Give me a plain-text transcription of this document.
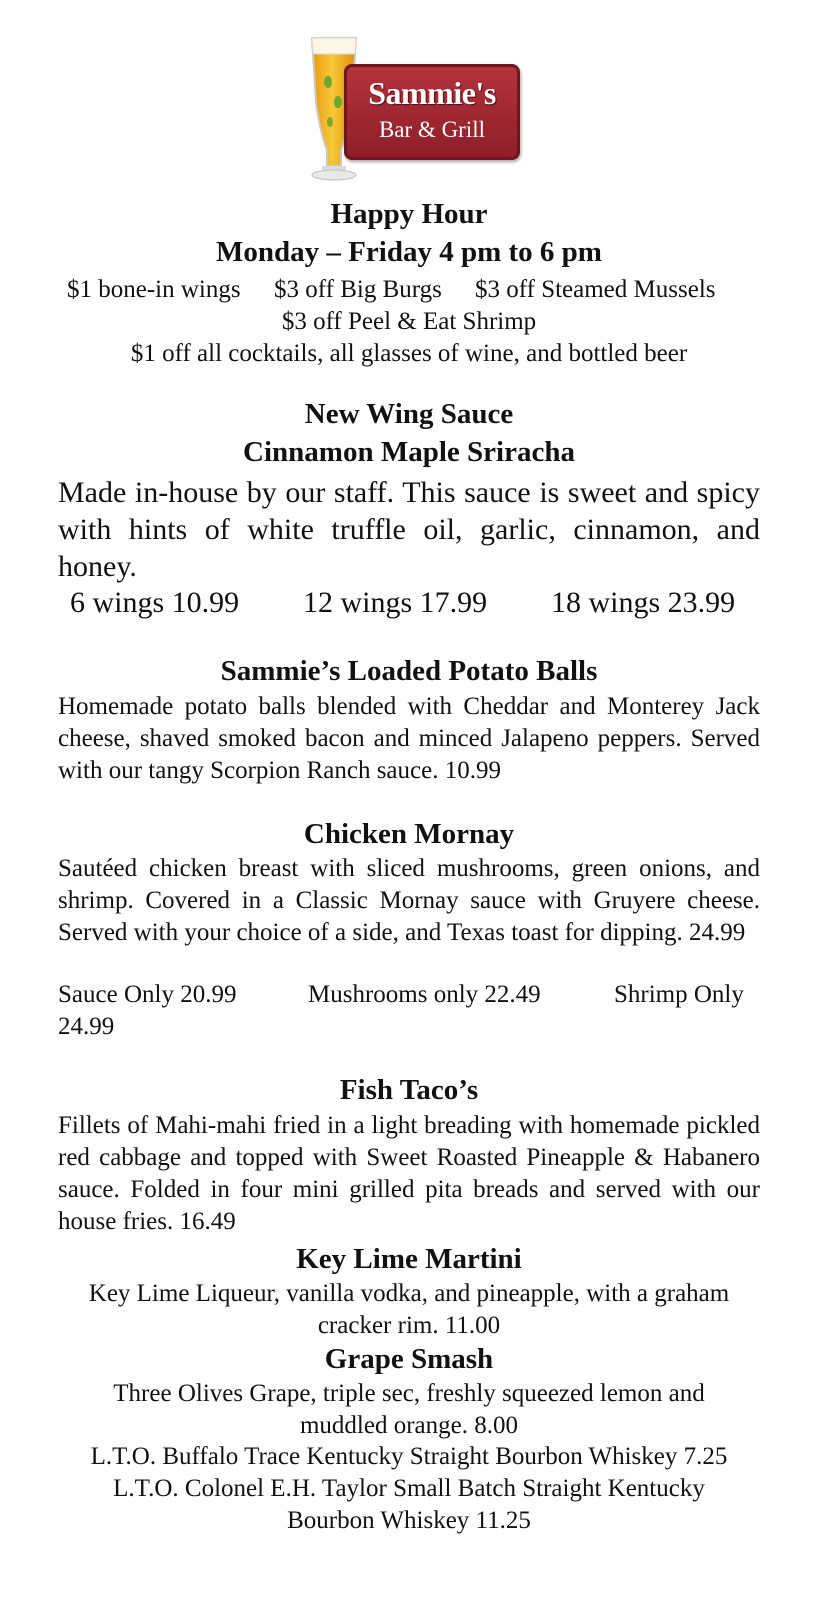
Sammie's
Bar & Grill
Happy Hour
Monday – Friday 4 pm to 6 pm
$1 bone-in wings $3 off Big Burgs $3 off Steamed Mussels
$3 off Peel & Eat Shrimp
$1 off all cocktails, all glasses of wine, and bottled beer
New Wing Sauce
Cinnamon Maple Sriracha
Made in-house by our staff. This sauce is sweet and spicy with hints of white truffle oil, garlic, cinnamon, and honey.
6 wings 10.99 12 wings 17.99 18 wings 23.99
Sammie’s Loaded Potato Balls
Homemade potato balls blended with Cheddar and Monterey Jack cheese, shaved smoked bacon and minced Jalapeno peppers. Served with our tangy Scorpion Ranch sauce. 10.99
Chicken Mornay
Sautéed chicken breast with sliced mushrooms, green onions, and shrimp. Covered in a Classic Mornay sauce with Gruyere cheese. Served with your choice of a side, and Texas toast for dipping. 24.99
Sauce Only 20.99	Mushrooms only 22.49	Shrimp Only
24.99
Fish Taco’s
Fillets of Mahi-mahi fried in a light breading with homemade pickled red cabbage and topped with Sweet Roasted Pineapple & Habanero sauce. Folded in four mini grilled pita breads and served with our house fries. 16.49
Key Lime Martini
Key Lime Liqueur, vanilla vodka, and pineapple, with a graham
cracker rim. 11.00
Grape Smash
Three Olives Grape, triple sec, freshly squeezed lemon and
muddled orange. 8.00
L.T.O. Buffalo Trace Kentucky Straight Bourbon Whiskey 7.25
L.T.O. Colonel E.H. Taylor Small Batch Straight Kentucky
Bourbon Whiskey 11.25
